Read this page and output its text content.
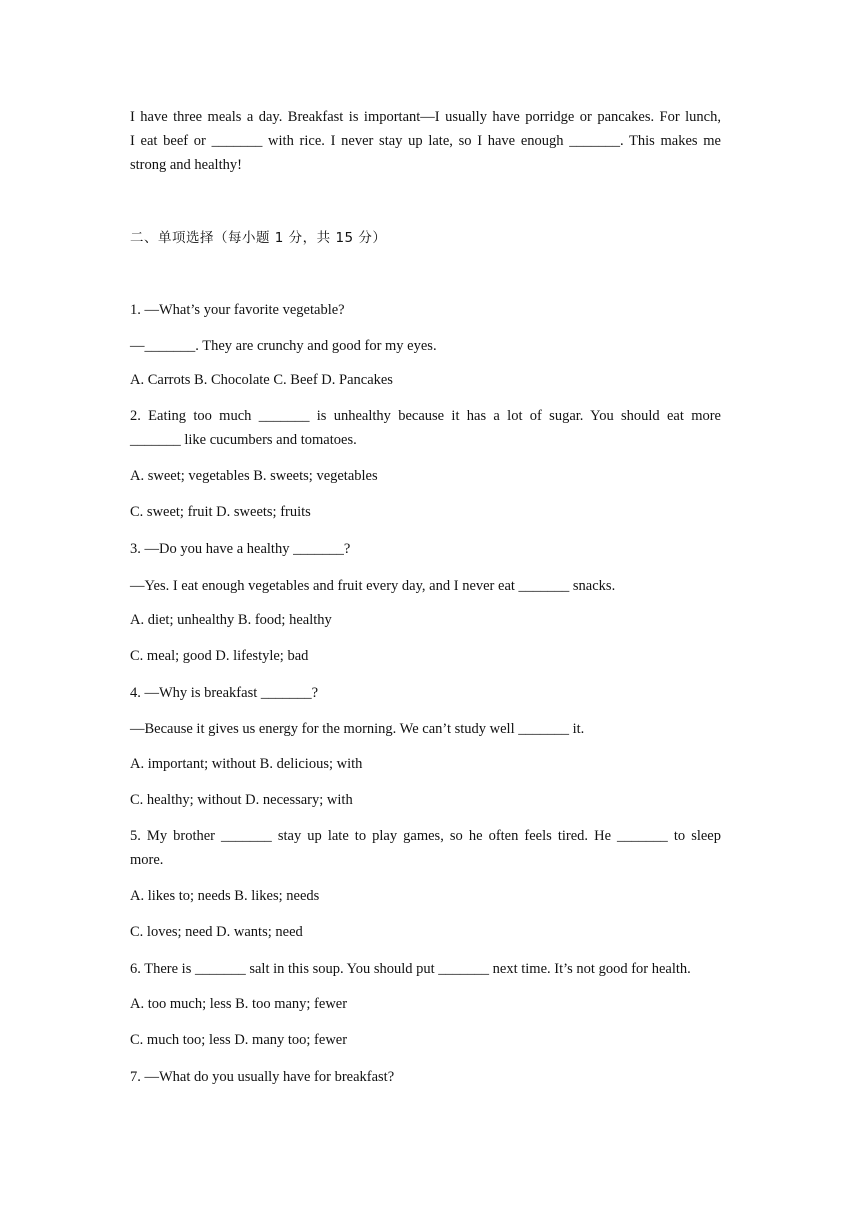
I have three meals a day. Breakfast is important—I usually have porridge or pancakes. For lunch,
I eat beef or _______ with rice. I never stay up late, so I have enough _______. This makes me
strong and healthy!
二、单项选择（每小题 1 分，共 15 分）
1. —What’s your favorite vegetable?
—_______. They are crunchy and good for my eyes.
A. Carrots B. Chocolate C. Beef D. Pancakes
2. Eating too much _______ is unhealthy because it has a lot of sugar. You should eat more
_______ like cucumbers and tomatoes.
A. sweet; vegetables B. sweets; vegetables
C. sweet; fruit D. sweets; fruits
3. —Do you have a healthy _______?
—Yes. I eat enough vegetables and fruit every day, and I never eat _______ snacks.
A. diet; unhealthy B. food; healthy
C. meal; good D. lifestyle; bad
4. —Why is breakfast _______?
—Because it gives us energy for the morning. We can’t study well _______ it.
A. important; without B. delicious; with
C. healthy; without D. necessary; with
5. My brother _______ stay up late to play games, so he often feels tired. He _______ to sleep
more.
A. likes to; needs B. likes; needs
C. loves; need D. wants; need
6. There is _______ salt in this soup. You should put _______ next time. It’s not good for health.
A. too much; less B. too many; fewer
C. much too; less D. many too; fewer
7. —What do you usually have for breakfast?
